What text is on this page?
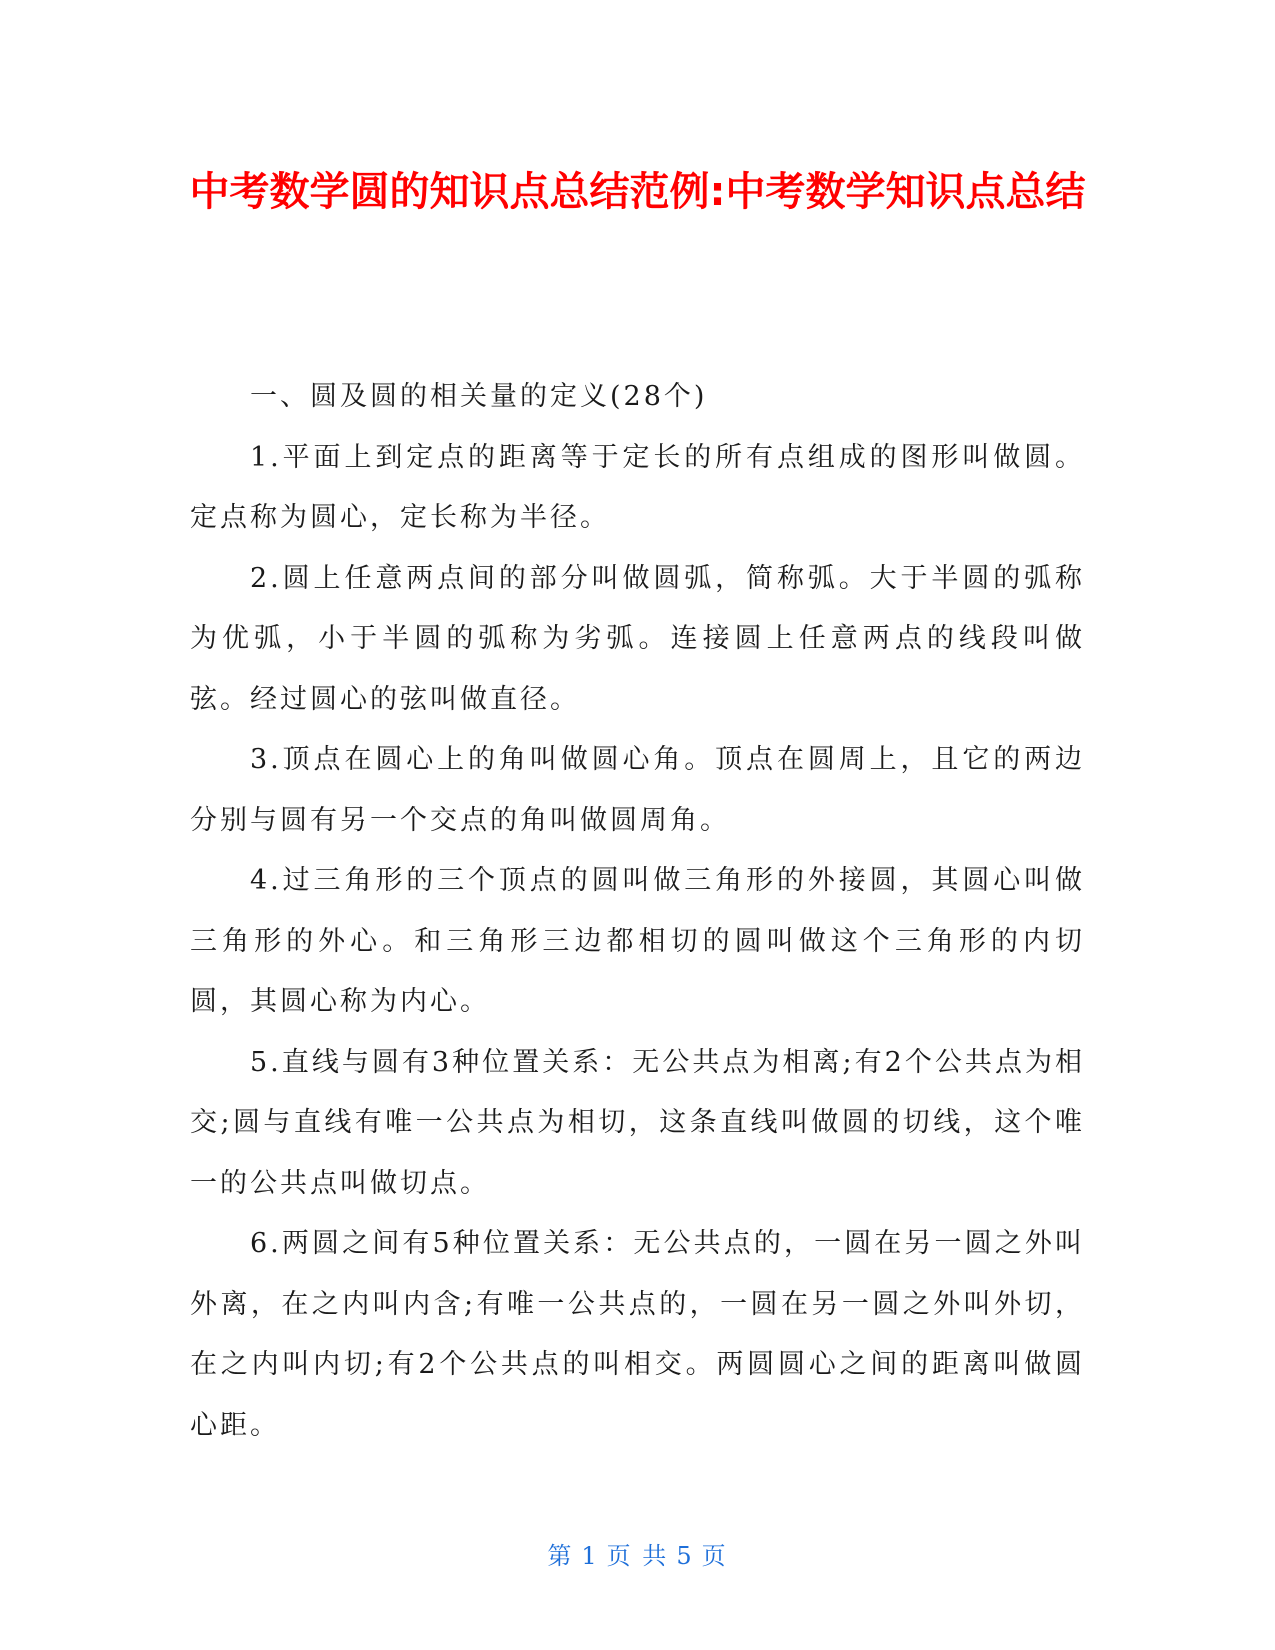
中考数学圆的知识点总结范例:中考数学知识点总结

一、圆及圆的相关量的定义(28个)

1.平面上到定点的距离等于定长的所有点组成的图形叫做圆。定点称为圆心，定长称为半径。

2.圆上任意两点间的部分叫做圆弧，简称弧。大于半圆的弧称为优弧，小于半圆的弧称为劣弧。连接圆上任意两点的线段叫做弦。经过圆心的弦叫做直径。

3.顶点在圆心上的角叫做圆心角。顶点在圆周上，且它的两边分别与圆有另一个交点的角叫做圆周角。

4.过三角形的三个顶点的圆叫做三角形的外接圆，其圆心叫做三角形的外心。和三角形三边都相切的圆叫做这个三角形的内切圆，其圆心称为内心。

5.直线与圆有3种位置关系：无公共点为相离;有2个公共点为相交;圆与直线有唯一公共点为相切，这条直线叫做圆的切线，这个唯一的公共点叫做切点。

6.两圆之间有5种位置关系：无公共点的，一圆在另一圆之外叫外离，在之内叫内含;有唯一公共点的，一圆在另一圆之外叫外切，在之内叫内切;有2个公共点的叫相交。两圆圆心之间的距离叫做圆心距。

第 1 页 共 5 页
